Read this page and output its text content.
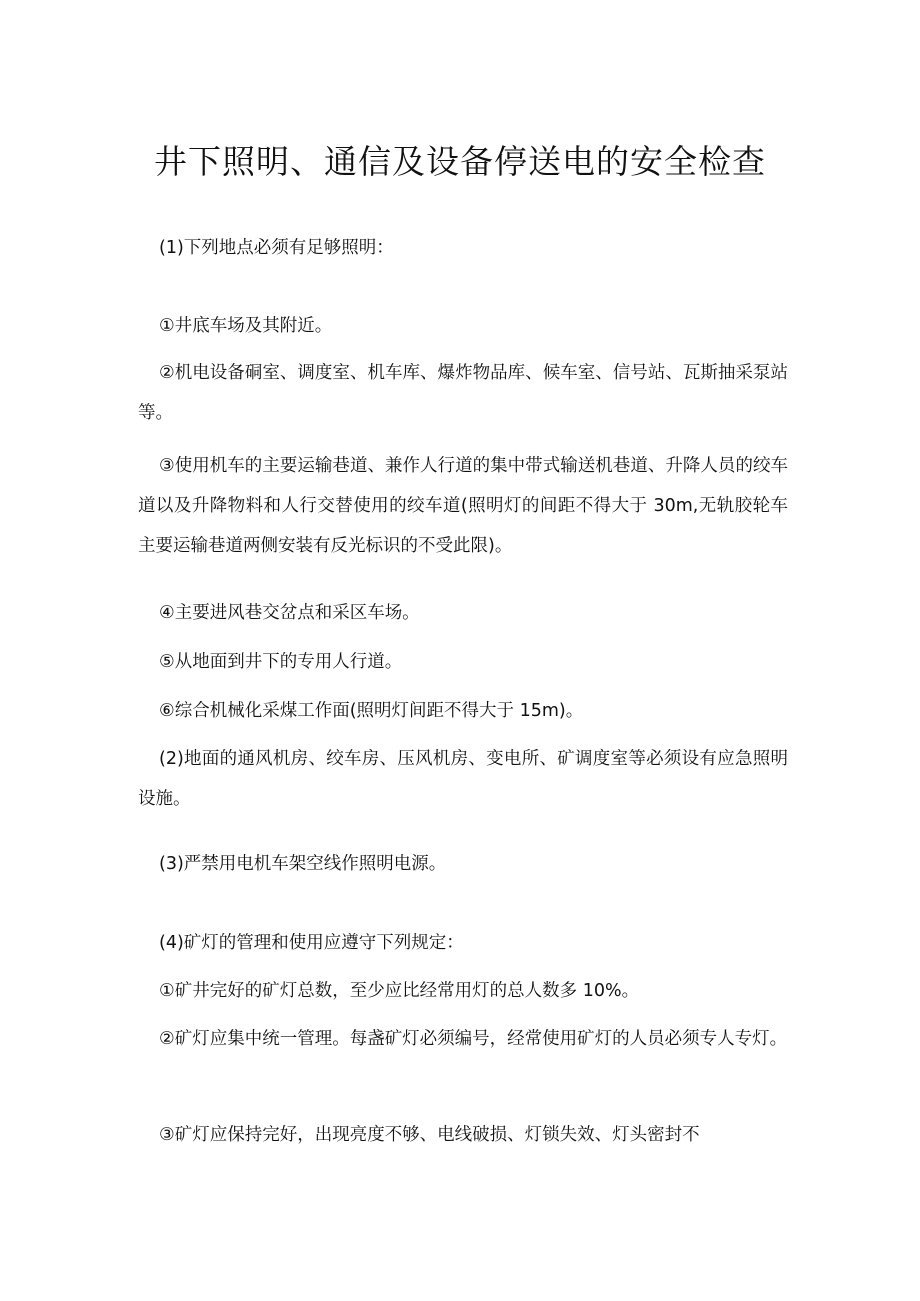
井下照明、通信及设备停送电的安全检查

(1)下列地点必须有足够照明：

①井底车场及其附近。

②机电设备硐室、调度室、机车库、爆炸物品库、候车室、信号站、瓦斯抽采泵站等。

③使用机车的主要运输巷道、兼作人行道的集中带式输送机巷道、升降人员的绞车道以及升降物料和人行交替使用的绞车道(照明灯的间距不得大于 30m,无轨胶轮车主要运输巷道两侧安装有反光标识的不受此限)。

④主要进风巷交岔点和采区车场。

⑤从地面到井下的专用人行道。

⑥综合机械化采煤工作面(照明灯间距不得大于 15m)。

(2)地面的通风机房、绞车房、压风机房、变电所、矿调度室等必须设有应急照明设施。

(3)严禁用电机车架空线作照明电源。

(4)矿灯的管理和使用应遵守下列规定：

①矿井完好的矿灯总数，至少应比经常用灯的总人数多 10%。

②矿灯应集中统一管理。每盏矿灯必须编号，经常使用矿灯的人员必须专人专灯。

③矿灯应保持完好，出现亮度不够、电线破损、灯锁失效、灯头密封不
